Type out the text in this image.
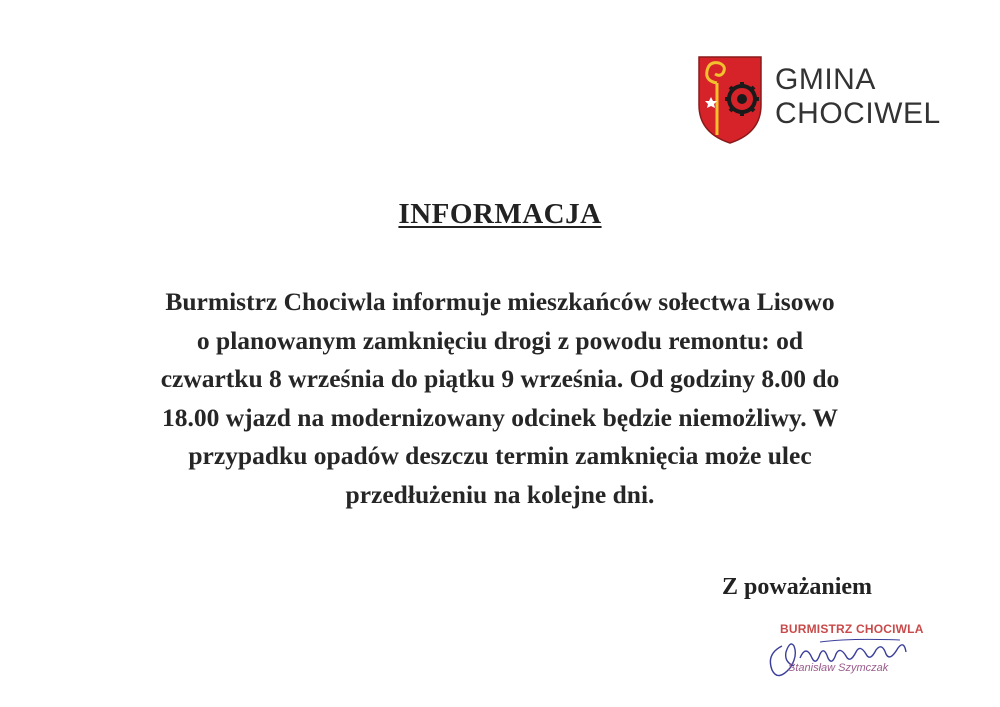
GMINA
CHOCIWEL
INFORMACJA
Burmistrz Chociwla informuje mieszkańców sołectwa Lisowo
o planowanym zamknięciu drogi z powodu remontu: od
czwartku 8 września do piątku 9 września. Od godziny 8.00 do
18.00 wjazd na modernizowany odcinek będzie niemożliwy. W
przypadku opadów deszczu termin zamknięcia może ulec
przedłużeniu na kolejne dni.
Z poważaniem
BURMISTRZ CHOCIWLA
Stanisław Szymczak
